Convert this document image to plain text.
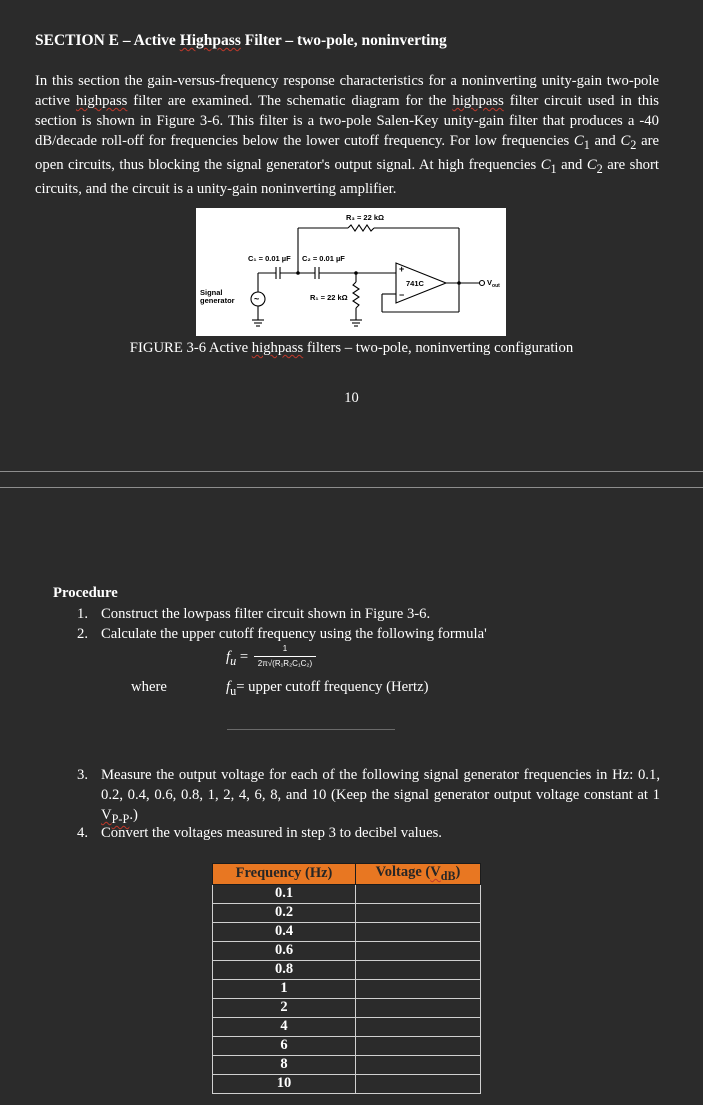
SECTION E – Active Highpass Filter – two-pole, noninverting
In this section the gain-versus-frequency response characteristics for a noninverting unity-gain two-pole active highpass filter are examined. The schematic diagram for the highpass filter circuit used in this section is shown in Figure 3-6. This filter is a two-pole Salen-Key unity-gain filter that produces a -40 dB/decade roll-off for frequencies below the lower cutoff frequency. For low frequencies $C_1$ and $C_2$ are open circuits, thus blocking the signal generator's output signal. At high frequencies $C_1$ and $C_2$ are short circuits, and the circuit is a unity-gain noninverting amplifier.
R₃ = 22 kΩ
C₁ = 0.01 µF C₂ = 0.01 µF
R₁ = 22 kΩ
741C
+
−
$V_{out}$
Signal
generator ~
FIGURE 3-6 Active highpass filters – two-pole, noninverting configuration
10
Procedure
1. Construct the lowpass filter circuit shown in Figure 3-6.
2. Calculate the upper cutoff frequency using the following formula'
$f_u$ =
1
2π√(R₁R₂C₁C₂)
where	$f_u=$ upper cutoff frequency (Hertz)
3. Measure the output voltage for each of the following signal generator frequencies in Hz: 0.1, 0.2, 0.4, 0.6, 0.8, 1, 2, 4, 6, 8, and 10 (Keep the signal generator output voltage constant at 1 $V_{P-P}$.)
4. Convert the voltages measured in step 3 to decibel values.
Frequency (Hz)	Voltage $(V_{dB})$
0.1	
0.2	
0.4	
0.6	
0.8	
1	
2	
4	
6	
8	
10	
